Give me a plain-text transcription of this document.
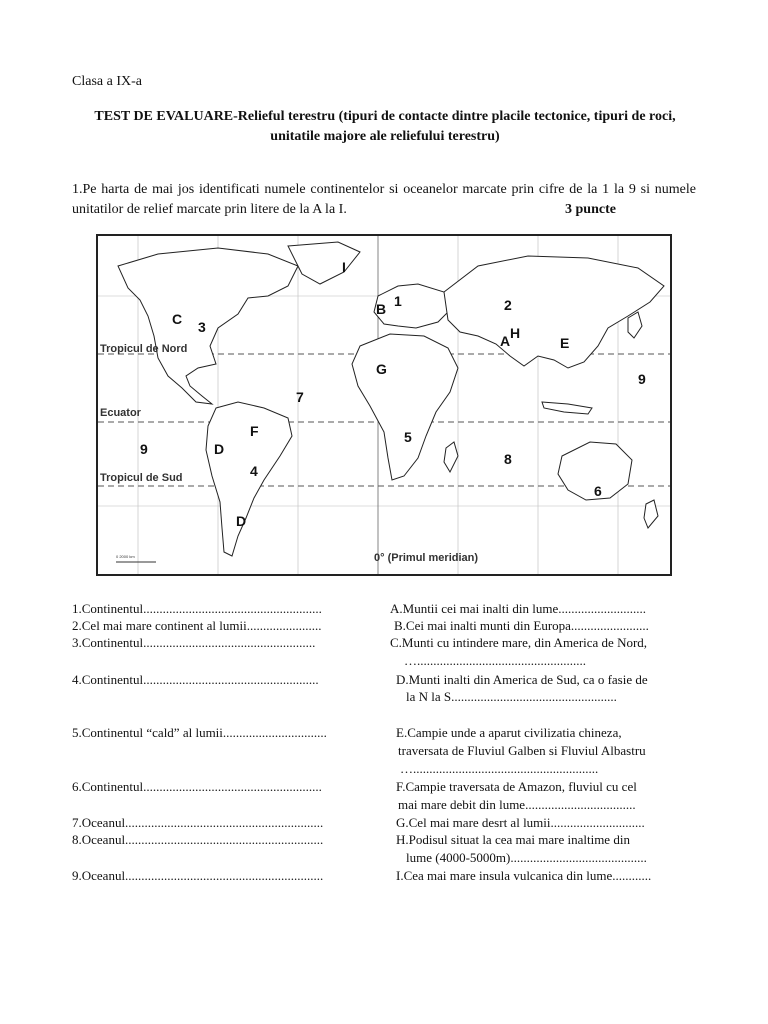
Clasa a IX-a
TEST DE EVALUARE-Relieful terestru (tipuri de contacte dintre placile tectonice, tipuri de roci,
unitatile majore ale reliefului terestru)
1.Pe harta de mai jos identificati numele continentelor si oceanelor marcate prin cifre de la 1 la 9 si numele unitatilor de relief marcate prin litere de la A la I.	3 puncte
0 2000 km
Tropicul de Nord
Ecuator
Tropicul de Sud
0° (Primul meridian)
1	2
3
4
5
6
7
8
9
9
A
B
C
D
D
E
F
G
H
I
1.Continentul.......................................................
2.Cel mai mare continent al lumii.......................
3.Continentul.....................................................
4.Continentul......................................................
5.Continentul “cald” al lumii................................
6.Continentul.......................................................
7.Oceanul.............................................................
8.Oceanul.............................................................
9.Oceanul.............................................................
A.Muntii cei mai inalti din lume...........................
B.Cei mai inalti munti din Europa........................
C.Munti cu intindere mare, din America de Nord,
…....................................................
D.Munti inalti din America de Sud, ca o fasie de
la N la S...................................................
E.Campie unde a aparut civilizatia chineza,
traversata de Fluviul Galben si Fluviul Albastru
….........................................................
F.Campie traversata de Amazon, fluviul cu cel
mai mare debit din lume..................................
G.Cel mai mare desrt al lumii.............................
H.Podisul situat la cea mai mare inaltime din
lume (4000-5000m)..........................................
I.Cea mai mare insula vulcanica din lume............
